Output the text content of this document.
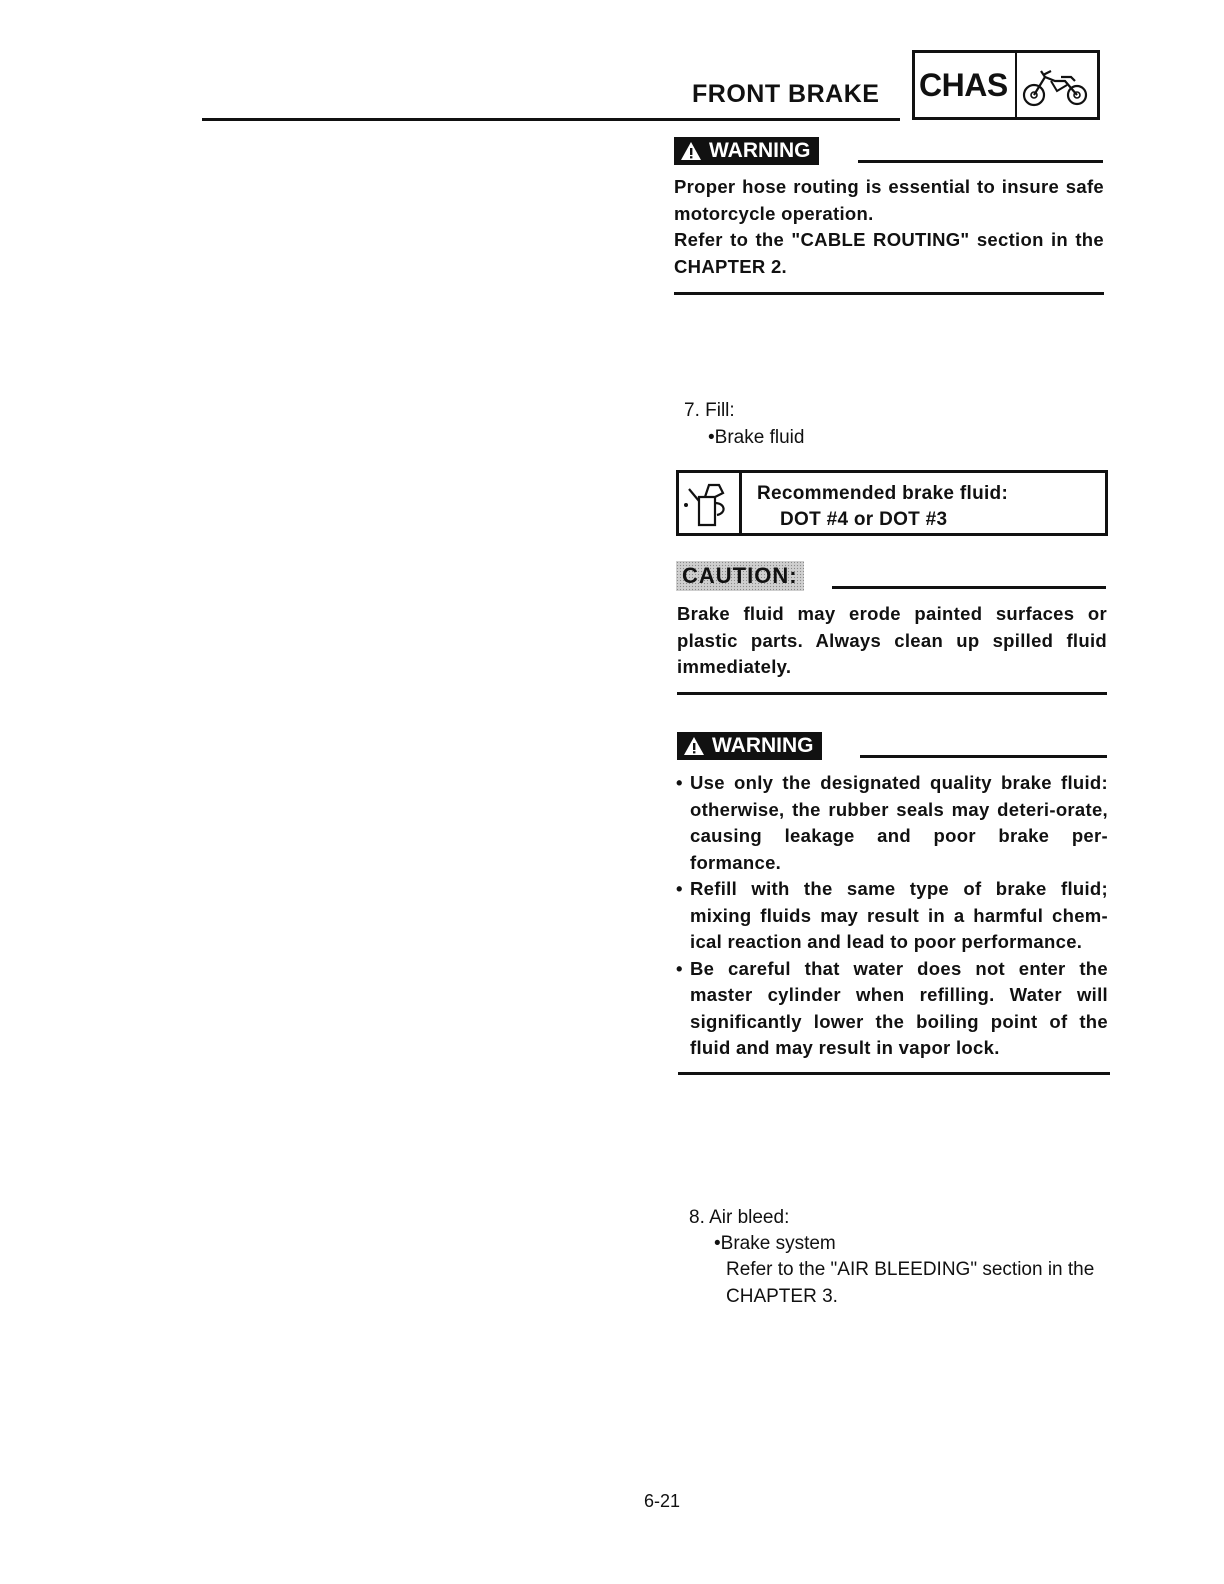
FRONT BRAKE CHAS
WARNING

Proper hose routing is essential to insure safe motorcycle operation.

Refer to the "CABLE ROUTING" section in the CHAPTER 2.

7. Fill:
•Brake fluid
Recommended brake fluid:
DOT #4 or DOT #3
CAUTION:
Brake fluid may erode painted surfaces or plastic parts. Always clean up spilled fluid immediately.
WARNING
• Use only the designated quality brake fluid: otherwise, the rubber seals may deteri-orate, causing leakage and poor brake per-formance.
• Refill with the same type of brake fluid; mixing fluids may result in a harmful chem-ical reaction and lead to poor performance.
• Be careful that water does not enter the master cylinder when refilling. Water will significantly lower the boiling point of the fluid and may result in vapor lock.
8. Air bleed:
•Brake system
Refer to the "AIR BLEEDING" section in the
CHAPTER 3.
6-21
